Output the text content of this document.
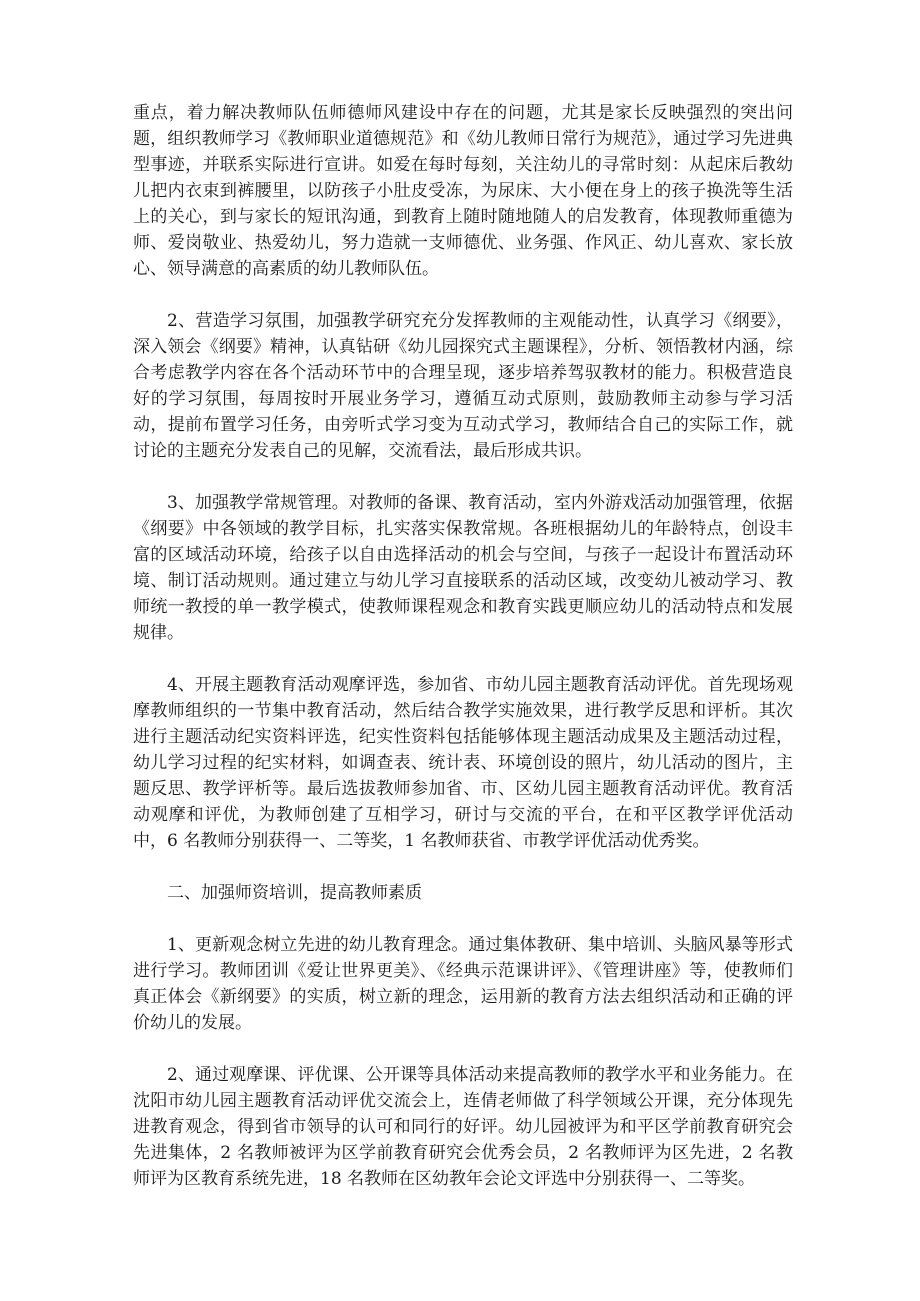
重点，着力解决教师队伍师德师风建设中存在的问题，尤其是家长反映强烈的突出问题，组织教师学习《教师职业道德规范》和《幼儿教师日常行为规范》，通过学习先进典型事迹，并联系实际进行宣讲。如爱在每时每刻，关注幼儿的寻常时刻：从起床后教幼儿把内衣束到裤腰里，以防孩子小肚皮受冻，为尿床、大小便在身上的孩子换洗等生活上的关心，到与家长的短讯沟通，到教育上随时随地随人的启发教育，体现教师重德为师、爱岗敬业、热爱幼儿，努力造就一支师德优、业务强、作风正、幼儿喜欢、家长放心、领导满意的高素质的幼儿教师队伍。

2、营造学习氛围，加强教学研究充分发挥教师的主观能动性，认真学习《纲要》，深入领会《纲要》精神，认真钻研《幼儿园探究式主题课程》，分析、领悟教材内涵，综合考虑教学内容在各个活动环节中的合理呈现，逐步培养驾驭教材的能力。积极营造良好的学习氛围，每周按时开展业务学习，遵循互动式原则，鼓励教师主动参与学习活动，提前布置学习任务，由旁听式学习变为互动式学习，教师结合自己的实际工作，就讨论的主题充分发表自己的见解，交流看法，最后形成共识。

3、加强教学常规管理。对教师的备课、教育活动，室内外游戏活动加强管理，依据《纲要》中各领域的教学目标，扎实落实保教常规。各班根据幼儿的年龄特点，创设丰富的区域活动环境，给孩子以自由选择活动的机会与空间，与孩子一起设计布置活动环境、制订活动规则。通过建立与幼儿学习直接联系的活动区域，改变幼儿被动学习、教师统一教授的单一教学模式，使教师课程观念和教育实践更顺应幼儿的活动特点和发展规律。

4、开展主题教育活动观摩评选，参加省、市幼儿园主题教育活动评优。首先现场观摩教师组织的一节集中教育活动，然后结合教学实施效果，进行教学反思和评析。其次进行主题活动纪实资料评选，纪实性资料包括能够体现主题活动成果及主题活动过程，幼儿学习过程的纪实材料，如调查表、统计表、环境创设的照片，幼儿活动的图片，主题反思、教学评析等。最后选拔教师参加省、市、区幼儿园主题教育活动评优。教育活动观摩和评优，为教师创建了互相学习，研讨与交流的平台，在和平区教学评优活动中，6 名教师分别获得一、二等奖，1 名教师获省、市教学评优活动优秀奖。

二、加强师资培训，提高教师素质

1、更新观念树立先进的幼儿教育理念。通过集体教研、集中培训、头脑风暴等形式进行学习。教师团训《爱让世界更美》、《经典示范课讲评》、《管理讲座》等，使教师们真正体会《新纲要》的实质，树立新的理念，运用新的教育方法去组织活动和正确的评价幼儿的发展。

2、通过观摩课、评优课、公开课等具体活动来提高教师的教学水平和业务能力。在沈阳市幼儿园主题教育活动评优交流会上，连倩老师做了科学领域公开课，充分体现先进教育观念，得到省市领导的认可和同行的好评。幼儿园被评为和平区学前教育研究会先进集体，2 名教师被评为区学前教育研究会优秀会员，2 名教师评为区先进，2 名教师评为区教育系统先进，18 名教师在区幼教年会论文评选中分别获得一、二等奖。
